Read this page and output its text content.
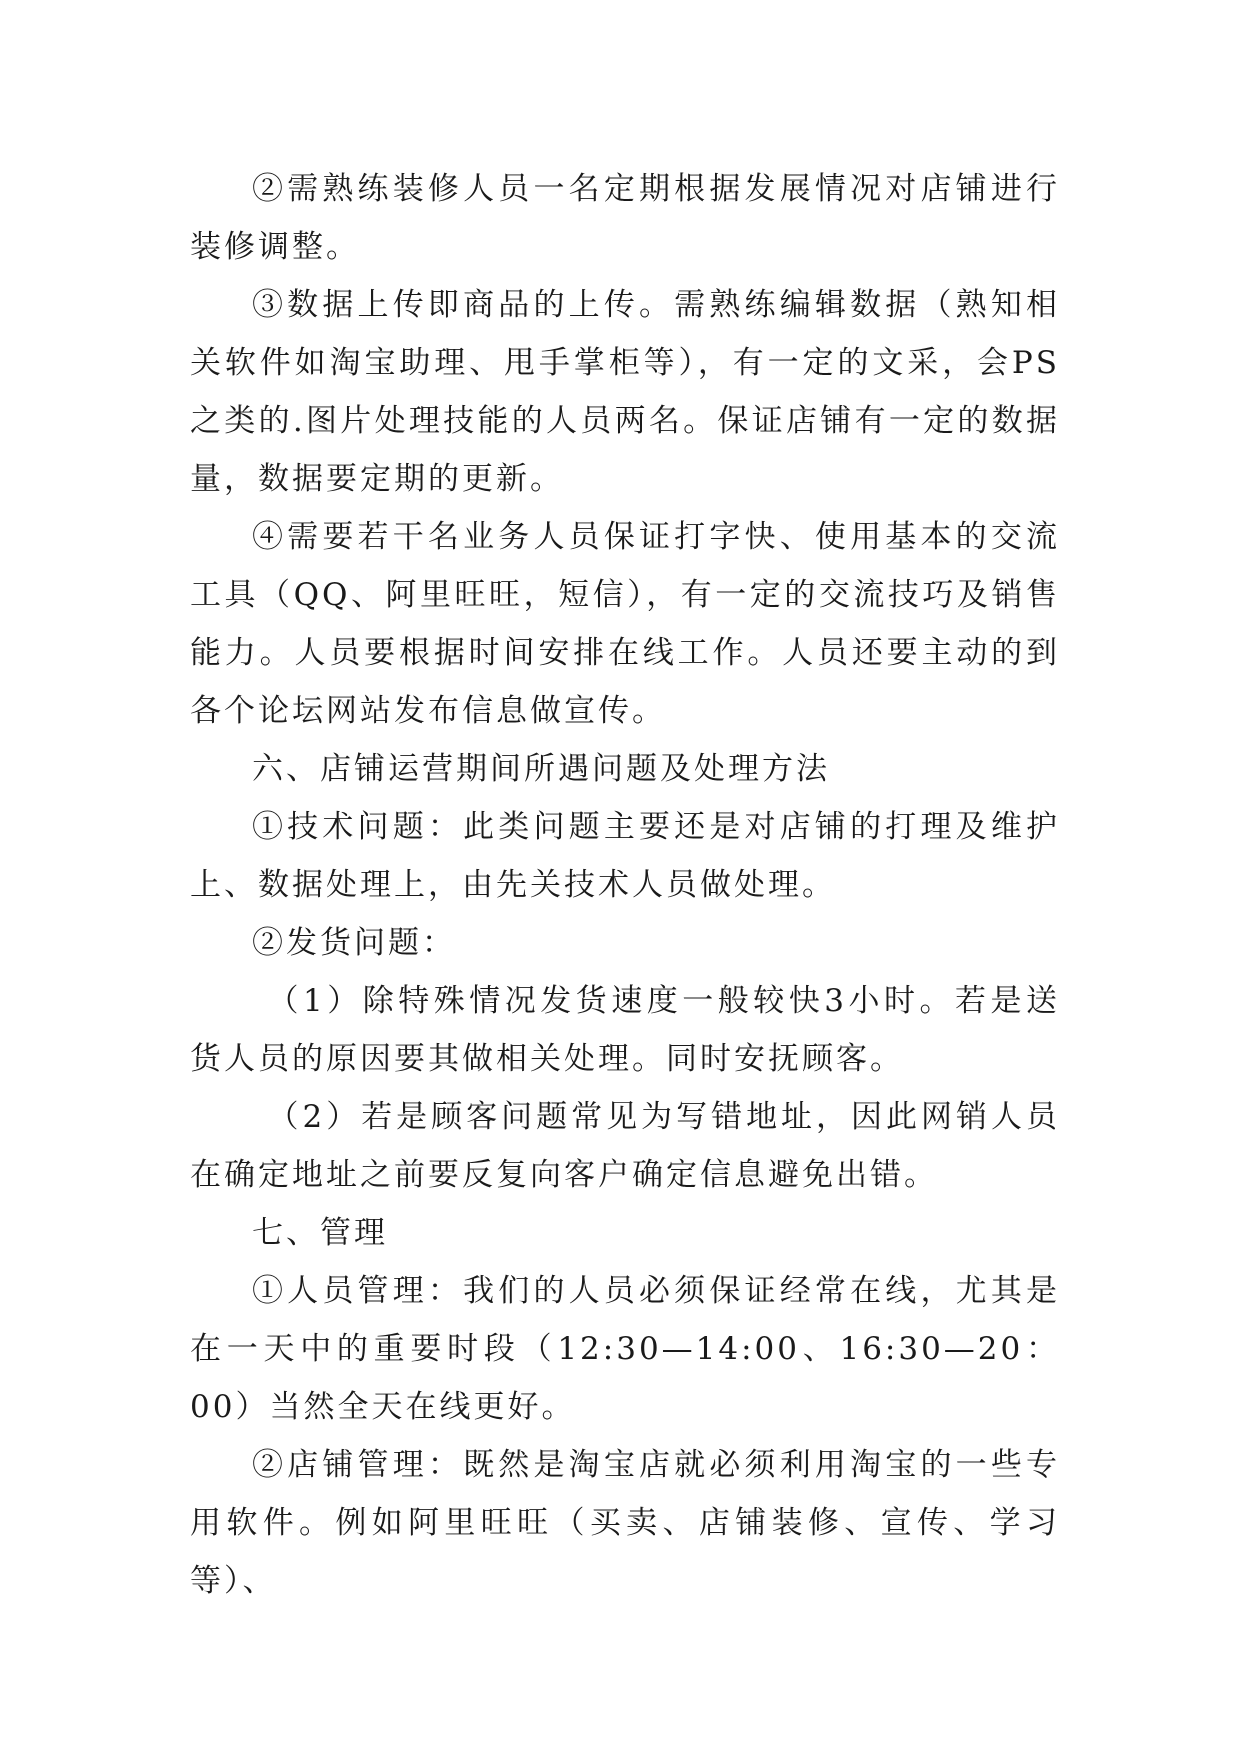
②需熟练装修人员一名定期根据发展情况对店铺进行装修调整。

③数据上传即商品的上传。需熟练编辑数据（熟知相关软件如淘宝助理、甩手掌柜等），有一定的文采，会PS之类的.图片处理技能的人员两名。保证店铺有一定的数据量，数据要定期的更新。

④需要若干名业务人员保证打字快、使用基本的交流工具（QQ、阿里旺旺，短信），有一定的交流技巧及销售能力。人员要根据时间安排在线工作。人员还要主动的到各个论坛网站发布信息做宣传。

六、店铺运营期间所遇问题及处理方法

①技术问题：此类问题主要还是对店铺的打理及维护上、数据处理上，由先关技术人员做处理。

②发货问题：

（1）除特殊情况发货速度一般较快3小时。若是送货人员的原因要其做相关处理。同时安抚顾客。

（2）若是顾客问题常见为写错地址，因此网销人员在确定地址之前要反复向客户确定信息避免出错。

七、管理

①人员管理：我们的人员必须保证经常在线，尤其是在一天中的重要时段（12:30—14:00、16:30—20：00）当然全天在线更好。

②店铺管理：既然是淘宝店就必须利用淘宝的一些专用软件。例如阿里旺旺（买卖、店铺装修、宣传、学习等）、
